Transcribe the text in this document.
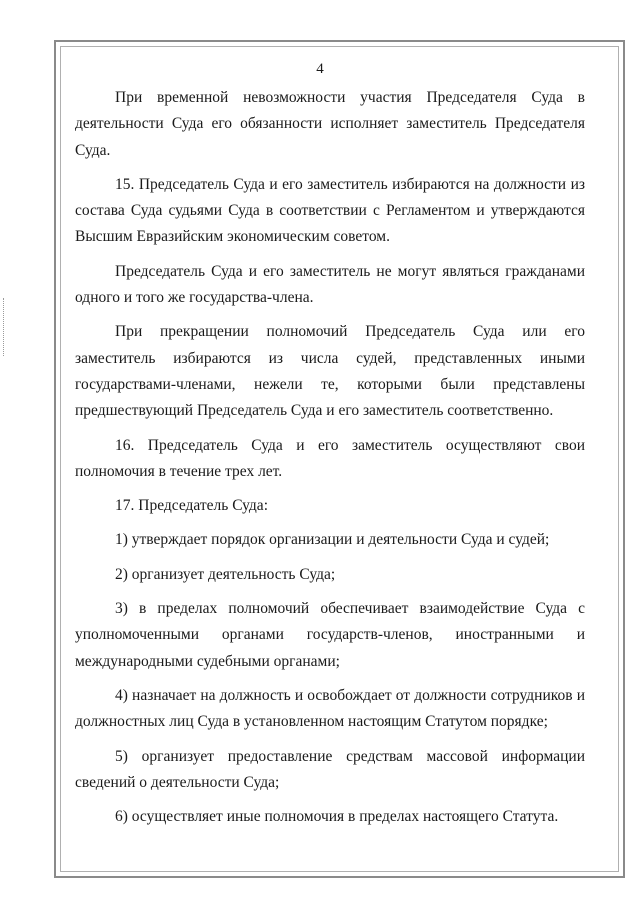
4

При временной невозможности участия Председателя Суда в деятельности Суда его обязанности исполняет заместитель Председателя Суда.

15. Председатель Суда и его заместитель избираются на должности из состава Суда судьями Суда в соответствии с Регламентом и утверждаются Высшим Евразийским экономическим советом.

Председатель Суда и его заместитель не могут являться гражданами одного и того же государства-члена.

При прекращении полномочий Председатель Суда или его заместитель избираются из числа судей, представленных иными государствами-членами, нежели те, которыми были представлены предшествующий Председатель Суда и его заместитель соответственно.

16. Председатель Суда и его заместитель осуществляют свои полномочия в течение трех лет.

17. Председатель Суда:

1) утверждает порядок организации и деятельности Суда и судей;

2) организует деятельность Суда;

3) в пределах полномочий обеспечивает взаимодействие Суда с уполномоченными органами государств-членов, иностранными и международными судебными органами;

4) назначает на должность и освобождает от должности сотрудников и должностных лиц Суда в установленном настоящим Статутом порядке;

5) организует предоставление средствам массовой информации сведений о деятельности Суда;

6) осуществляет иные полномочия в пределах настоящего Статута.
